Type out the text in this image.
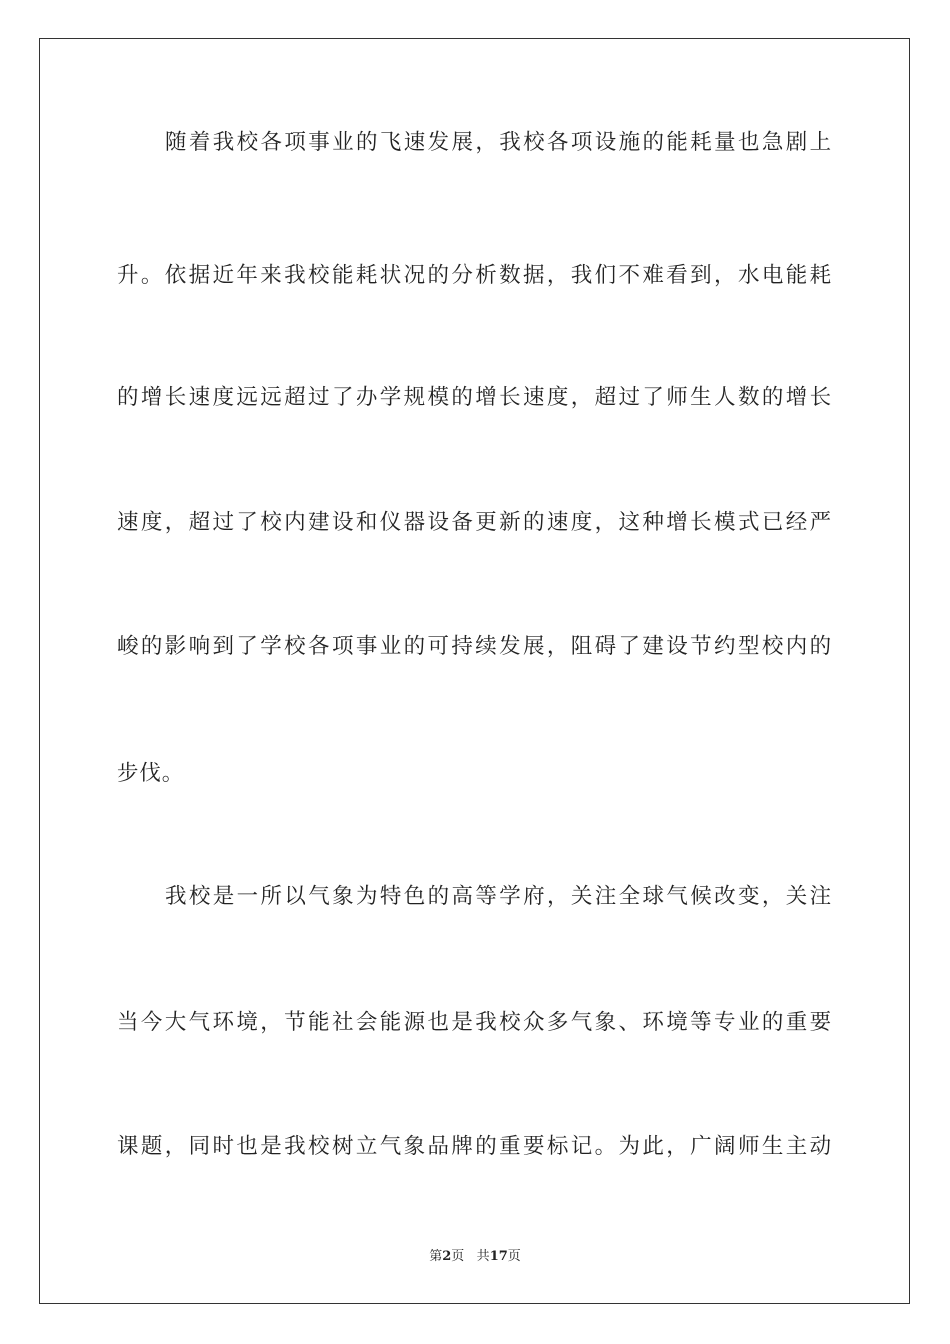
随着我校各项事业的飞速发展，我校各项设施的能耗量也急剧上
升。依据近年来我校能耗状况的分析数据，我们不难看到，水电能耗
的增长速度远远超过了办学规模的增长速度，超过了师生人数的增长
速度，超过了校内建设和仪器设备更新的速度，这种增长模式已经严
峻的影响到了学校各项事业的可持续发展，阻碍了建设节约型校内的
步伐。
我校是一所以气象为特色的高等学府，关注全球气候改变，关注
当今大气环境，节能社会能源也是我校众多气象、环境等专业的重要
课题，同时也是我校树立气象品牌的重要标记。为此，广阔师生主动
第2页 共17页
